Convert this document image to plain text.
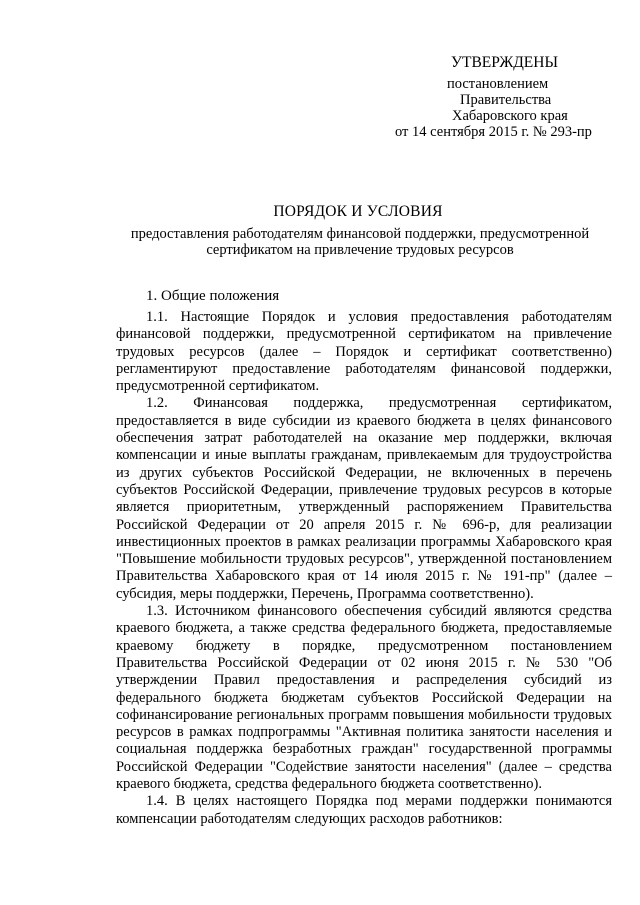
УТВЕРЖДЕНЫ
постановлением
Правительства
Хабаровского края
от 14 сентября 2015 г. № 293-пр
ПОРЯДОК И УСЛОВИЯ
предоставления работодателям финансовой поддержки, предусмотренной сертификатом на привлечение трудовых ресурсов
1. Общие положения

1.1. Настоящие Порядок и условия предоставления работодателям финансовой поддержки, предусмотренной сертификатом на привлечение трудовых ресурсов (далее – Порядок и сертификат соответственно) регламентируют предоставление работодателям финансовой поддержки, предусмотренной сертификатом.

1.2. Финансовая поддержка, предусмотренная сертификатом, предоставляется в виде субсидии из краевого бюджета в целях финансового обеспечения затрат работодателей на оказание мер поддержки, включая компенсации и иные выплаты гражданам, привлекаемым для трудоустройства из других субъектов Российской Федерации, не включенных в перечень субъектов Российской Федерации, привлечение трудовых ресурсов в которые является приоритетным, утвержденный распоряжением Правительства Российской Федерации от 20 апреля 2015 г. № 696-р, для реализации инвестиционных проектов в рамках реализации программы Хабаровского края "Повышение мобильности трудовых ресурсов", утвержденной постановлением Правительства Хабаровского края от 14 июля 2015 г. № 191-пр" (далее – субсидия, меры поддержки, Перечень, Программа соответственно).

1.3. Источником финансового обеспечения субсидий являются средства краевого бюджета, а также средства федерального бюджета, предоставляемые краевому бюджету в порядке, предусмотренном постановлением Правительства Российской Федерации от 02 июня 2015 г. № 530 "Об утверждении Правил предоставления и распределения субсидий из федерального бюджета бюджетам субъектов Российской Федерации на софинансирование региональных программ повышения мобильности трудовых ресурсов в рамках подпрограммы "Активная политика занятости населения и социальная поддержка безработных граждан" государственной программы Российской Федерации "Содействие занятости населения" (далее – средства краевого бюджета, средства федерального бюджета соответственно).

1.4. В целях настоящего Порядка под мерами поддержки понимаются компенсации работодателям следующих расходов работников:
